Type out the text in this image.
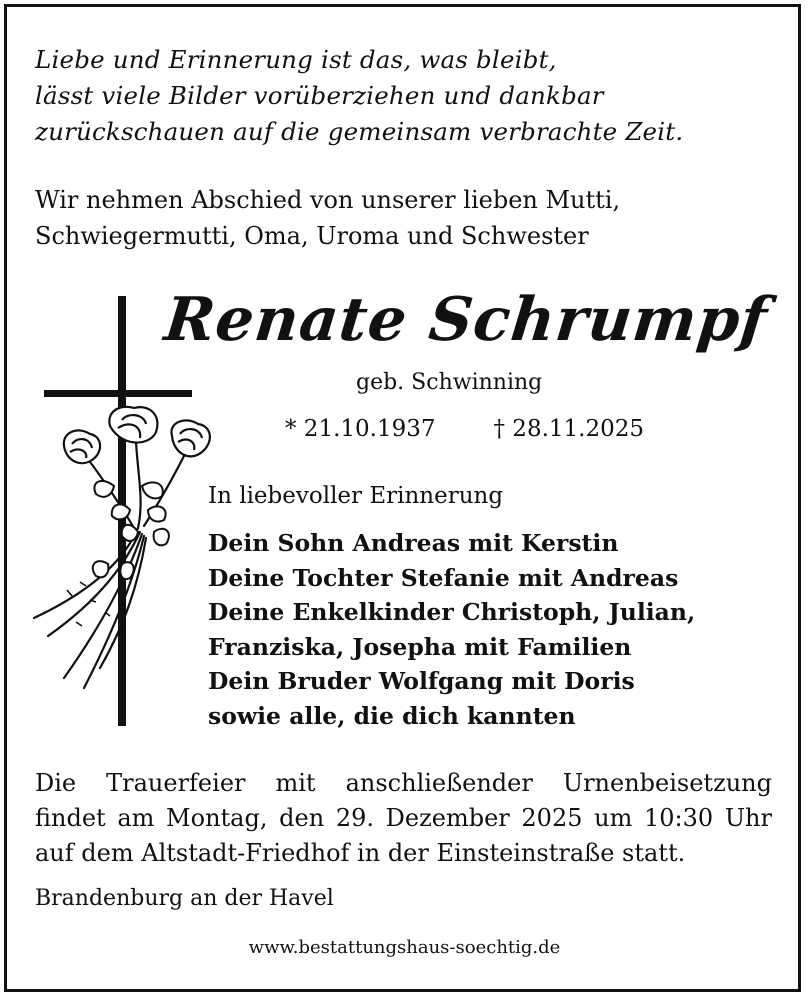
Liebe und Erinnerung ist das, was bleibt,
lässt viele Bilder vorüberziehen und dankbar
zurückschauen auf die gemeinsam verbrachte Zeit.
Wir nehmen Abschied von unserer lieben Mutti,
Schwiegermutti, Oma, Uroma und Schwester
Renate Schrumpf
geb. Schwinning
* 21.10.1937	† 28.11.2025
In liebevoller Erinnerung
Dein Sohn Andreas mit Kerstin
Deine Tochter Stefanie mit Andreas
Deine Enkelkinder Christoph, Julian,
Franziska, Josepha mit Familien
Dein Bruder Wolfgang mit Doris
sowie alle, die dich kannten
Die Trauerfeier mit anschließender Urnenbeisetzung
findet am Montag, den 29. Dezember 2025 um 10:30 Uhr
auf dem Altstadt-Friedhof in der Einsteinstraße statt.
Brandenburg an der Havel
www.bestattungshaus-soechtig.de
